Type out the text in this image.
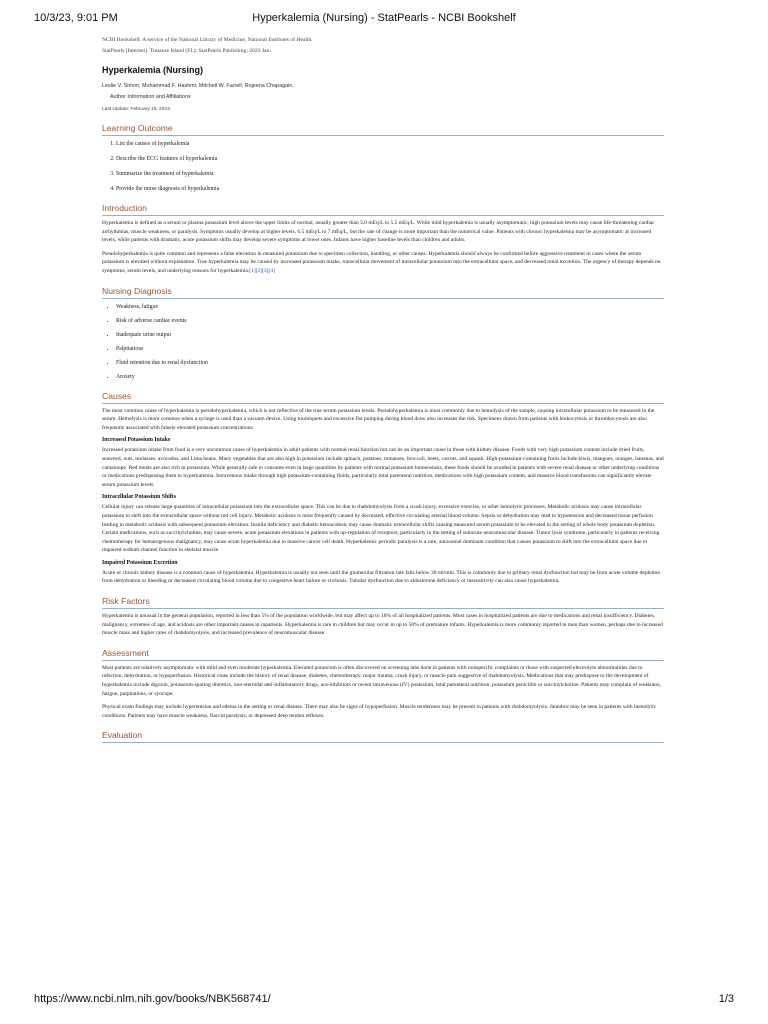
10/3/23, 9:01 PM	Hyperkalemia (Nursing) - StatPearls - NCBI Bookshelf
NCBI Bookshelf. A service of the National Library of Medicine, National Institutes of Health.
StatPearls [Internet]. Treasure Island (FL): StatPearls Publishing; 2023 Jan-.
Hyperkalemia (Nursing)
Leslie V. Simon; Muhammad F. Hashmi; Mitchell W. Farrell; Rojeena Chapagain.
Author Information and Affiliations
Last Update: February 19, 2023.
Learning Outcome
1. List the causes of hyperkalemia
2. Describe the ECG features of hyperkalemia
3. Summarize the treatment of hyperkalemia
4. Provide the nurse diagnosis of hyperkalemia
Introduction

Hyperkalemia is defined as a serum or plasma potassium level above the upper limits of normal, usually greater than 5.0 mEq/L to 5.5 mEq/L. While mild hyperkalemia is usually asymptomatic, high potassium levels may cause life-threatening cardiac arrhythmias, muscle weakness, or paralysis. Symptoms usually develop at higher levels, 6.5 mEq/L to 7 mEq/L, but the rate of change is more important than the numerical value. Patients with chronic hyperkalemia may be asymptomatic at increased levels, while patients with dramatic, acute potassium shifts may develop severe symptoms at lower ones. Infants have higher baseline levels than children and adults.

Pseudohyperkalemia is quite common and represents a false elevation in measured potassium due to specimen collection, handling, or other causes. Hyperkalemia should always be confirmed before aggressive treatment in cases where the serum potassium is elevated without explanation. True hyperkalemia may be caused by increased potassium intake, transcellular movement of intracellular potassium into the extracellular space, and decreased renal excretion. The urgency of therapy depends on symptoms, serum levels, and underlying reasons for hyperkalemia.[1][2][3][4]

Nursing Diagnosis
• Weakness, fatigue
• Risk of adverse cardiac events
• Inadequate urine output
• Palpitations
• Fluid retention due to renal dysfunction
• Anxiety
Causes

The most common cause of hyperkalemia is pseudohyperkalemia, which is not reflective of the true serum potassium levels. Pseudohyperkalemia is most commonly due to hemolysis of the sample, causing intracellular potassium to be measured in the serum. Hemolysis is more common when a syringe is used than a vacuum device. Using tourniquets and excessive fist pumping during blood draw also increases the risk. Specimens drawn from patients with leukocytosis or thrombocytosis are also frequently associated with falsely elevated potassium concentrations.

Increased Potassium Intake

Increased potassium intake from food is a very uncommon cause of hyperkalemia in adult patients with normal renal function but can be an important cause in those with kidney disease. Foods with very high potassium content include dried fruits, seaweed, nuts, molasses, avocados, and Lima beans. Many vegetables that are also high in potassium include spinach, potatoes, tomatoes, broccoli, beets, carrots, and squash. High-potassium-containing fruits include kiwis, mangoes, oranges, bananas, and cantaloupe. Red meats are also rich in potassium. While generally safe to consume even in large quantities by patients with normal potassium homeostasis, these foods should be avoided in patients with severe renal disease or other underlying conditions or medications predisposing them to hyperkalemia. Intravenous intake through high potassium-containing fluids, particularly total parenteral nutrition, medications with high potassium content, and massive blood transfusions can significantly elevate serum potassium levels.

Intracellular Potassium Shifts

Cellular injury can release large quantities of intracellular potassium into the extracellular space. This can be due to rhabdomyolysis from a crush injury, excessive exercise, or other hemolytic processes. Metabolic acidosis may cause intracellular potassium to shift into the extracellular space without red cell injury. Metabolic acidosis is most frequently caused by decreased, effective circulating arterial blood volume. Sepsis or dehydration may lead to hypotension and decreased tissue perfusion leading to metabolic acidosis with subsequent potassium elevation. Insulin deficiency and diabetic ketoacidosis may cause dramatic extracellular shifts causing measured serum potassium to be elevated in the setting of whole body potassium depletion. Certain medications, such as succinylcholine, may cause severe, acute potassium elevations in patients with up-regulation of receptors, particularly in the setting of subacute neuromuscular disease. Tumor lysis syndrome, particularly in patients receiving chemotherapy for hematogenous malignancy, may cause acute hyperkalemia due to massive cancer cell death. Hyperkalemic periodic paralysis is a rare, autosomal dominant condition that causes potassium to shift into the extracellular space due to impaired sodium channel function in skeletal muscle.

Impaired Potassium Excretion

Acute or chronic kidney disease is a common cause of hyperkalemia. Hyperkalemia is usually not seen until the glomerular filtration rate falls below 30 ml/min. This is commonly due to primary renal dysfunction but may be from acute volume depletion from dehydration or bleeding or decreased circulating blood volume due to congestive heart failure or cirrhosis. Tubular dysfunction due to aldosterone deficiency or insensitivity can also cause hyperkalemia.

Risk Factors

Hyperkalemia is unusual in the general population, reported in less than 5% of the population worldwide, but may affect up to 10% of all hospitalized patients. Most cases in hospitalized patients are due to medications and renal insufficiency. Diabetes, malignancy, extremes of age, and acidosis are other important causes in inpatients. Hyperkalemia is rare in children but may occur in up to 50% of premature infants. Hyperkalemia is more commonly reported in men than women, perhaps due to increased muscle mass and higher rates of rhabdomyolysis, and increased prevalence of neuromuscular disease.

Assessment

Most patients are relatively asymptomatic with mild and even moderate hyperkalemia. Elevated potassium is often discovered on screening labs done in patients with nonspecific complaints or those with suspected electrolyte abnormalities due to infection, dehydration, or hypoperfusion. Historical clues include the history of renal disease, diabetes, chemotherapy, major trauma, crush injury, or muscle pain suggestive of rhabdomyolysis. Medications that may predispose to the development of hyperkalemia include digoxin, potassium-sparing diuretics, non-steroidal anti-inflammatory drugs, ace-inhibitors or recent intravenous (IV) potassium, total parenteral nutrition, potassium penicillin or succinylcholine. Patients may complain of weakness, fatigue, palpitations, or syncope.

Physical exam findings may include hypertension and edema in the setting or renal disease. There may also be signs of hypoperfusion. Muscle tenderness may be present in patients with rhabdomyolysis. Jaundice may be seen in patients with hemolytic conditions. Patients may have muscle weakness, flaccid paralysis, or depressed deep tendon reflexes.

Evaluation
https://www.ncbi.nlm.nih.gov/books/NBK568741/	1/3
